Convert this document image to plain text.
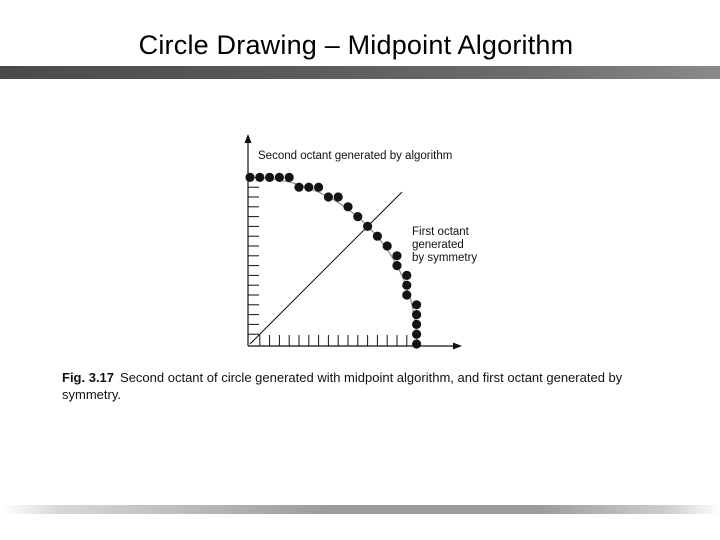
Circle Drawing – Midpoint Algorithm
Second octant generated by algorithm
First octant
generated
by symmetry
Fig. 3.17 Second octant of circle generated with midpoint algorithm, and first octant generated by symmetry.
